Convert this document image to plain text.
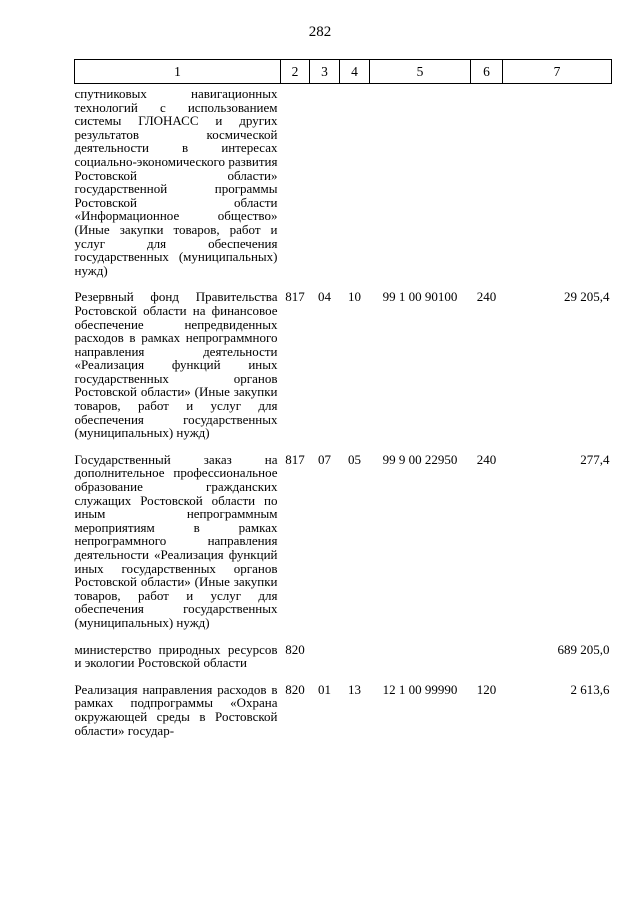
282
1	2	3	4	5	6	7
спутниковых навигационных технологий с использованием системы ГЛОНАСС и других результатов космической деятельности в интересах социально-экономического развития Ростовской области» государственной программы Ростовской области «Информационное общество» (Иные закупки товаров, работ и услуг для обеспечения государственных (муниципальных) нужд)						
Резервный фонд Правительства Ростовской области на финансовое обеспечение непредвиденных расходов в рамках непрограммного направления деятельности «Реализация функций иных государственных органов Ростовской области» (Иные закупки товаров, работ и услуг для обеспечения государственных (муниципальных) нужд)	817	04	10	99 1 00 90100	240	29 205,4
Государственный заказ на дополнительное профессиональное образование гражданских служащих Ростовской области по иным непрограммным мероприятиям в рамках непрограммного направления деятельности «Реализация функций иных государственных органов Ростовской области» (Иные закупки товаров, работ и услуг для обеспечения государственных (муниципальных) нужд)	817	07	05	99 9 00 22950	240	277,4
министерство природных ресурсов и экологии Ростовской области	820					689 205,0
Реализация направления расходов в рамках подпрограммы «Охрана окружающей среды в Ростовской области» государ-	820	01	13	12 1 00 99990	120	2 613,6
